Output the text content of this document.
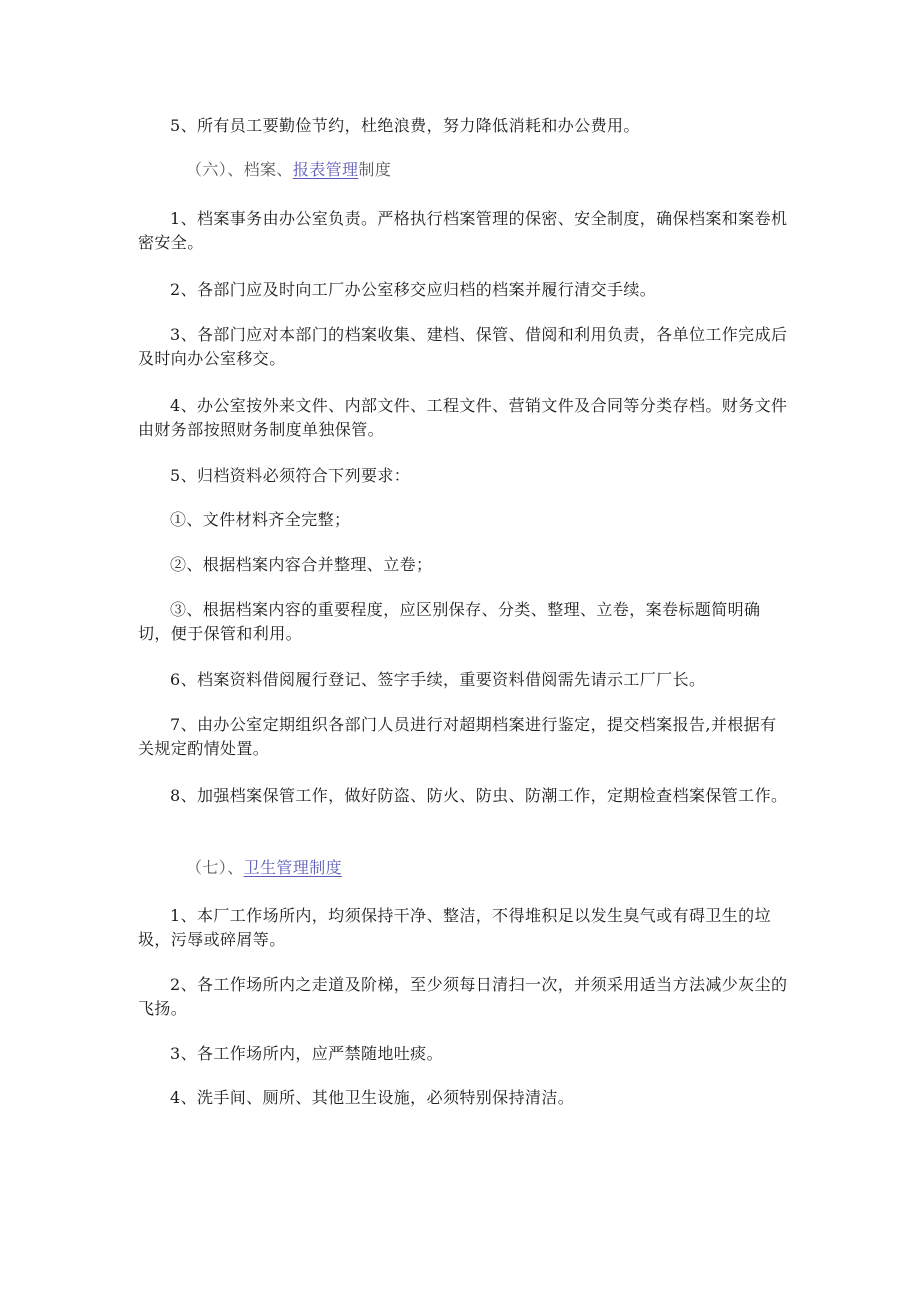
5、所有员工要勤俭节约，杜绝浪费，努力降低消耗和办公费用。

（六）、档案、报表管理制度

1、档案事务由办公室负责。严格执行档案管理的保密、安全制度，确保档案和案卷机密安全。

2、各部门应及时向工厂办公室移交应归档的档案并履行清交手续。

3、各部门应对本部门的档案收集、建档、保管、借阅和利用负责，各单位工作完成后及时向办公室移交。

4、办公室按外来文件、内部文件、工程文件、营销文件及合同等分类存档。财务文件由财务部按照财务制度单独保管。

5、归档资料必须符合下列要求：

①、文件材料齐全完整；

②、根据档案内容合并整理、立卷；

③、根据档案内容的重要程度，应区别保存、分类、整理、立卷，案卷标题简明确切，便于保管和利用。

6、档案资料借阅履行登记、签字手续，重要资料借阅需先请示工厂厂长。

7、由办公室定期组织各部门人员进行对超期档案进行鉴定，提交档案报告,并根据有关规定酌情处置。

8、加强档案保管工作，做好防盗、防火、防虫、防潮工作，定期检查档案保管工作。

（七）、卫生管理制度

1、本厂工作场所内，均须保持干净、整洁，不得堆积足以发生臭气或有碍卫生的垃圾，污辱或碎屑等。

2、各工作场所内之走道及阶梯，至少须每日清扫一次，并须采用适当方法减少灰尘的飞扬。

3、各工作场所内，应严禁随地吐痰。

4、洗手间、厕所、其他卫生设施，必须特别保持清洁。
